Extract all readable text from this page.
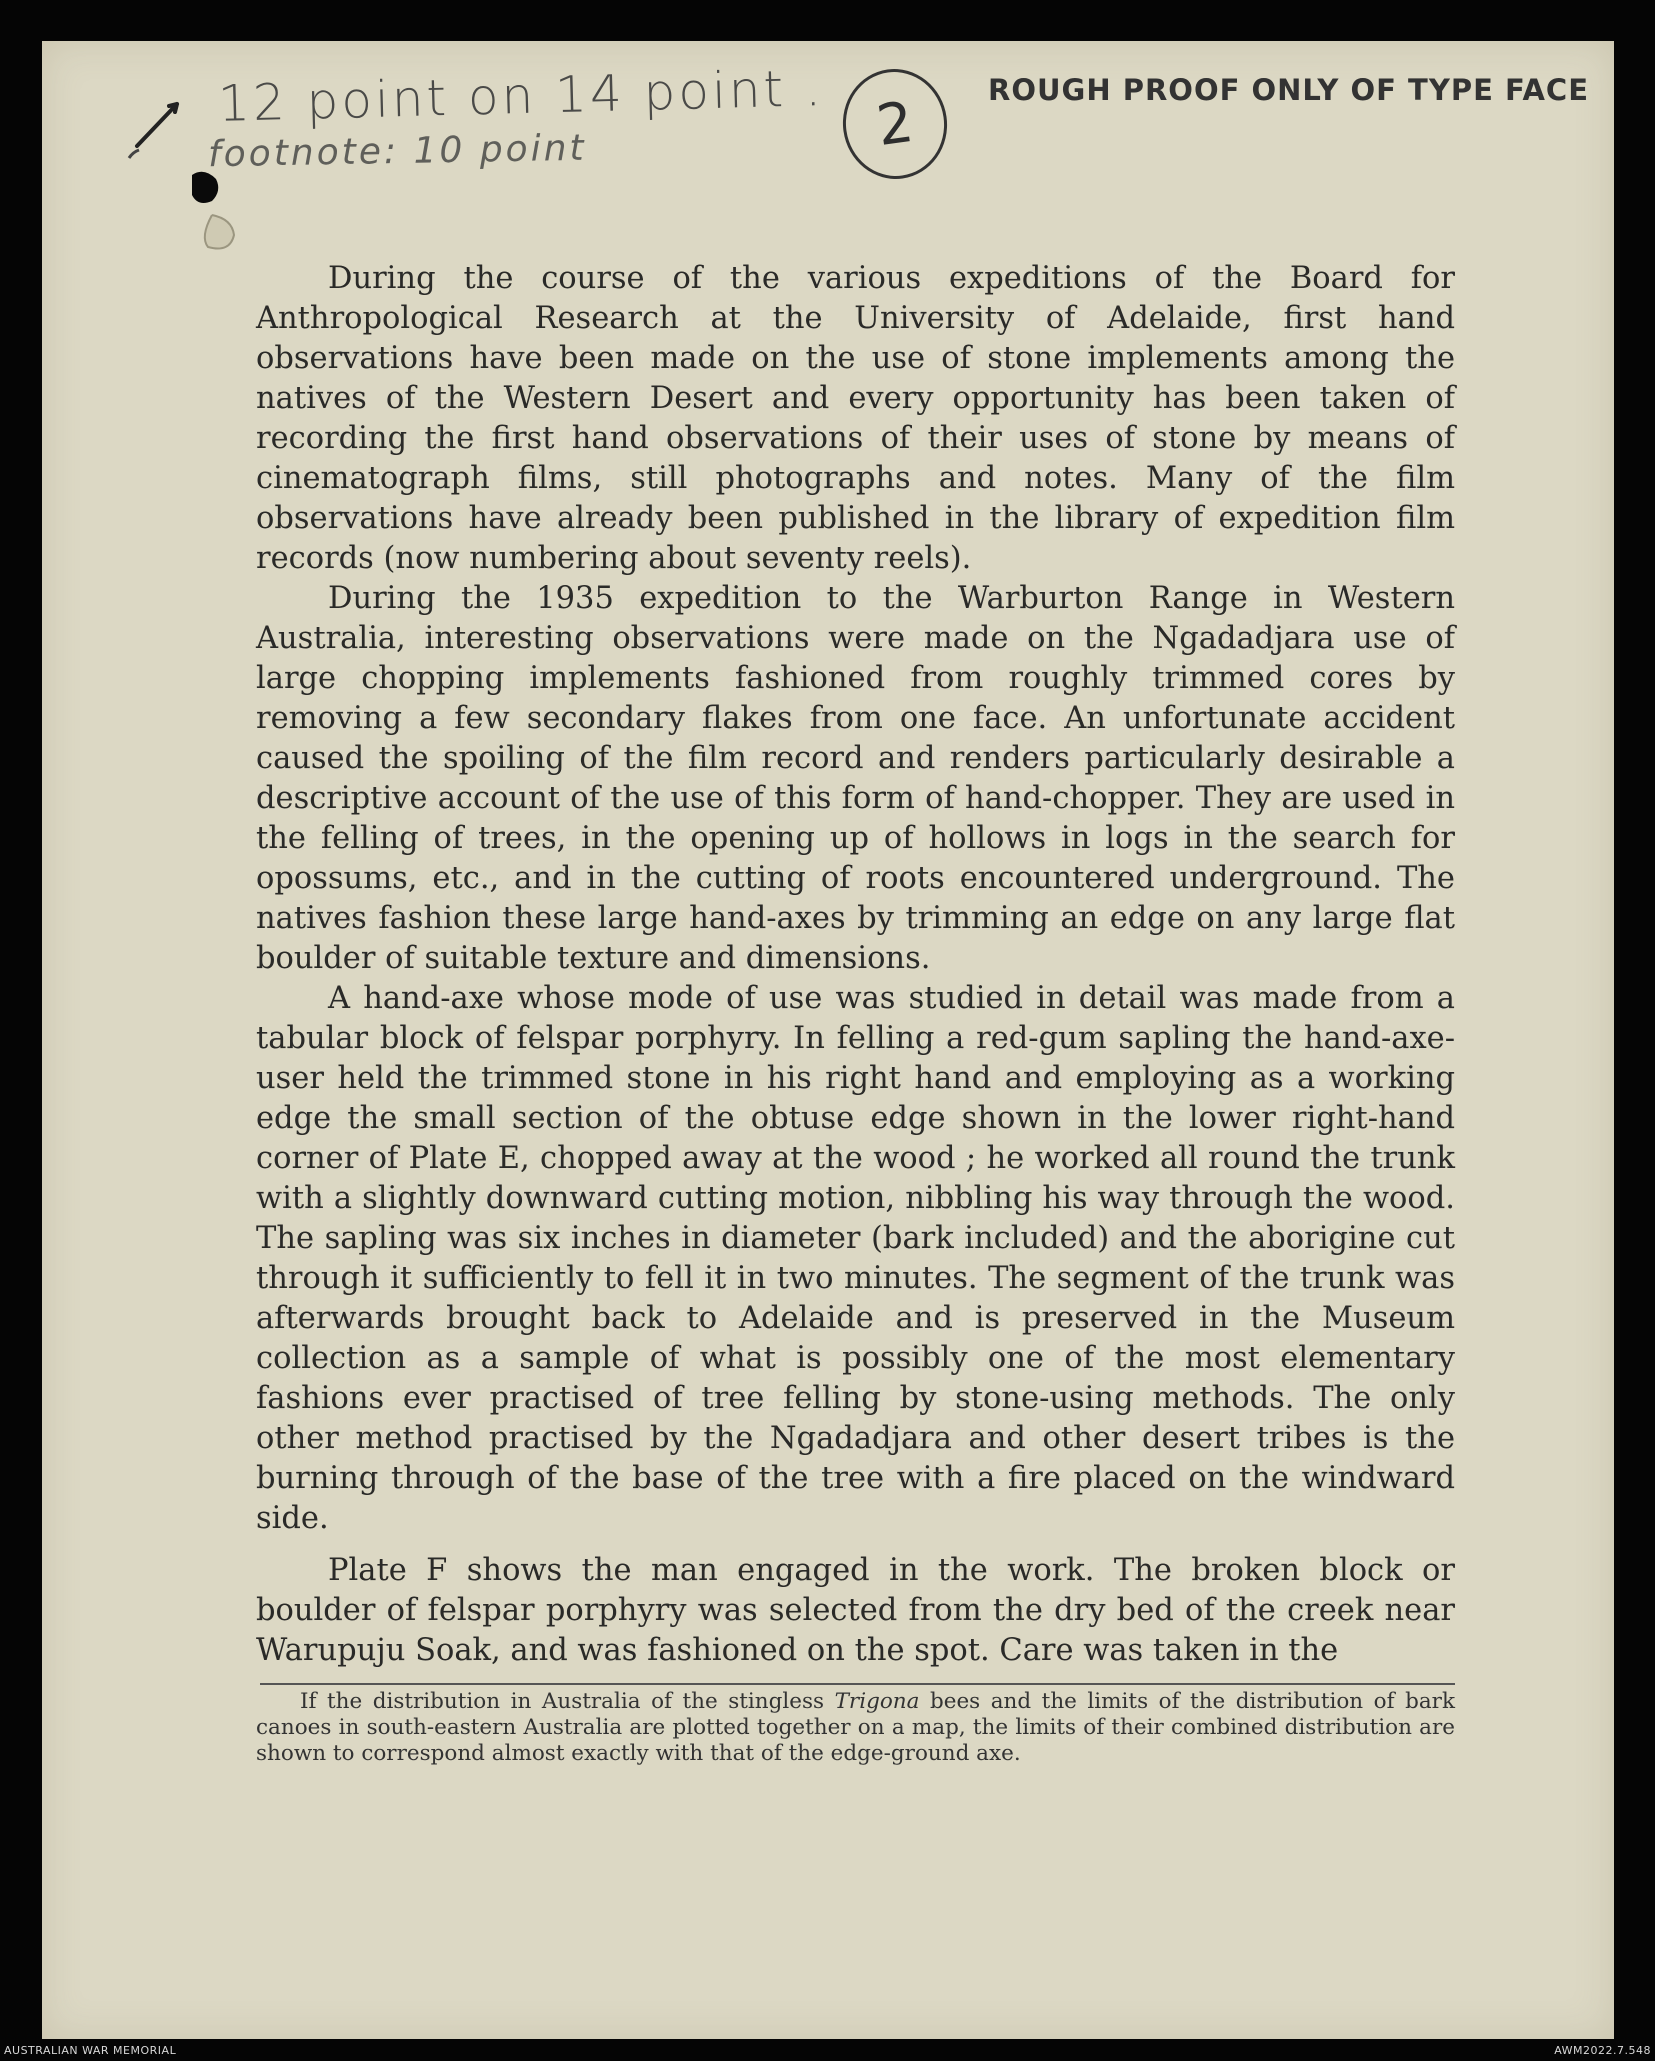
12 point on 14 point .
footnote: 10 point	2 ROUGH PROOF ONLY OF TYPE FACE

During the course of the various expeditions of the Board for Anthropological Research at the University of Adelaide, first hand observations have been made on the use of stone implements among the natives of the Western Desert and every opportunity has been taken of recording the first hand observations of their uses of stone by means of cinematograph films, still photographs and notes. Many of the film observations have already been published in the library of expedition film records (now numbering about seventy reels).

During the 1935 expedition to the Warburton Range in Western Australia, interesting observations were made on the Ngadadjara use of large chopping implements fashioned from roughly trimmed cores by removing a few secondary flakes from one face. An unfortunate accident caused the spoiling of the film record and renders particularly desirable a descriptive account of the use of this form of hand-chopper. They are used in the felling of trees, in the opening up of hollows in logs in the search for opossums, etc., and in the cutting of roots encountered underground. The natives fashion these large hand-axes by trimming an edge on any large flat boulder of suitable texture and dimensions.

A hand-axe whose mode of use was studied in detail was made from a tabular block of felspar porphyry. In felling a red-gum sapling the hand-axe-user held the trimmed stone in his right hand and employing as a working edge the small section of the obtuse edge shown in the lower right-hand corner of Plate E, chopped away at the wood ; he worked all round the trunk with a slightly downward cutting motion, nibbling his way through the wood. The sapling was six inches in diameter (bark included) and the aborigine cut through it sufficiently to fell it in two minutes. The segment of the trunk was afterwards brought back to Adelaide and is preserved in the Museum collection as a sample of what is possibly one of the most elementary fashions ever practised of tree felling by stone-using methods. The only other method practised by the Ngadadjara and other desert tribes is the burning through of the base of the tree with a fire placed on the windward side.

Plate F shows the man engaged in the work. The broken block or boulder of felspar porphyry was selected from the dry bed of the creek near Warupuju Soak, and was fashioned on the spot. Care was taken in the

If the distribution in Australia of the stingless Trigona bees and the limits of the distribution of bark canoes in south-eastern Australia are plotted together on a map, the limits of their combined distribution are shown to correspond almost exactly with that of the edge-ground axe.

AUSTRALIAN WAR MEMORIAL	AWM2022.7.548
